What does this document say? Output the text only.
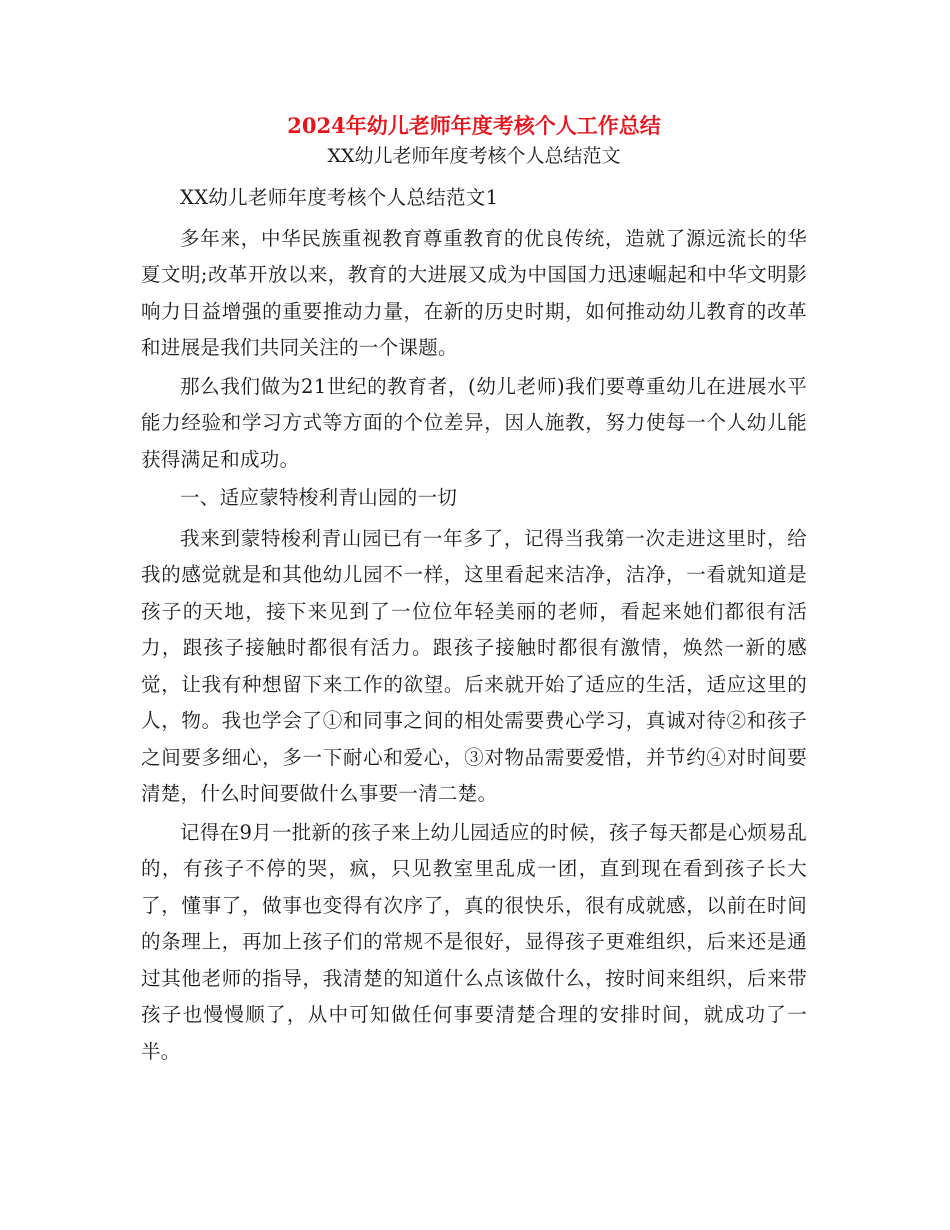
2024年幼儿老师年度考核个人工作总结

XX幼儿老师年度考核个人总结范文

XX幼儿老师年度考核个人总结范文1

多年来，中华民族重视教育尊重教育的优良传统，造就了源远流长的华夏文明;改革开放以来，教育的大进展又成为中国国力迅速崛起和中华文明影响力日益增强的重要推动力量，在新的历史时期，如何推动幼儿教育的改革和进展是我们共同关注的一个课题。

那么我们做为21世纪的教育者，(幼儿老师)我们要尊重幼儿在进展水平能力经验和学习方式等方面的个位差异，因人施教，努力使每一个人幼儿能获得满足和成功。

一、适应蒙特梭利青山园的一切

我来到蒙特梭利青山园已有一年多了，记得当我第一次走进这里时，给我的感觉就是和其他幼儿园不一样，这里看起来洁净，洁净，一看就知道是孩子的天地，接下来见到了一位位年轻美丽的老师，看起来她们都很有活力，跟孩子接触时都很有活力。跟孩子接触时都很有激情，焕然一新的感觉，让我有种想留下来工作的欲望。后来就开始了适应的生活，适应这里的人，物。我也学会了①和同事之间的相处需要费心学习，真诚对待②和孩子之间要多细心，多一下耐心和爱心，③对物品需要爱惜，并节约④对时间要清楚，什么时间要做什么事要一清二楚。

记得在9月一批新的孩子来上幼儿园适应的时候，孩子每天都是心烦易乱的，有孩子不停的哭，疯，只见教室里乱成一团，直到现在看到孩子长大了，懂事了，做事也变得有次序了，真的很快乐，很有成就感，以前在时间的条理上，再加上孩子们的常规不是很好，显得孩子更难组织，后来还是通过其他老师的指导，我清楚的知道什么点该做什么，按时间来组织，后来带孩子也慢慢顺了，从中可知做任何事要清楚合理的安排时间，就成功了一半。
